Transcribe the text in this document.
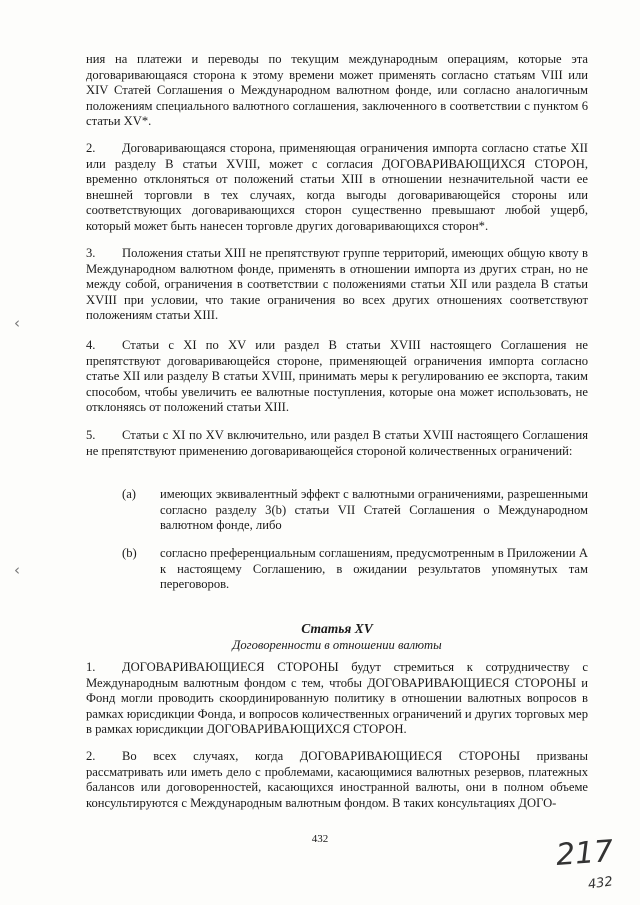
ния на платежи и переводы по текущим международным операциям, которые эта договаривающаяся сторона к этому времени может применять согласно статьям VIII или XIV Статей Соглашения о Международном валютном фонде, или согласно аналогичным положениям специального валютного соглашения, заключенного в соответствии с пунктом 6 статьи XV*.

2. Договаривающаяся сторона, применяющая ограничения импорта согласно статье XII или разделу B статьи XVIII, может с согласия ДОГОВАРИВАЮЩИХСЯ СТОРОН, временно отклоняться от положений статьи XIII в отношении незначительной части ее внешней торговли в тех случаях, когда выгоды договаривающейся стороны или соответствующих договаривающихся сторон существенно превышают любой ущерб, который может быть нанесен торговле других договаривающихся сторон*.

3. Положения статьи XIII не препятствуют группе территорий, имеющих общую квоту в Международном валютном фонде, применять в отношении импорта из других стран, но не между собой, ограничения в соответствии с положениями статьи XII или раздела B статьи XVIII при условии, что такие ограничения во всех других отношениях соответствуют положениям статьи XIII.

‹

4. Статьи с XI по XV или раздел B статьи XVIII настоящего Соглашения не препятствуют договаривающейся стороне, применяющей ограничения импорта согласно статье XII или разделу B статьи XVIII, принимать меры к регулированию ее экспорта, таким способом, чтобы увеличить ее валютные поступления, которые она может использовать, не отклоняясь от положений статьи XIII.

5. Статьи с XI по XV включительно, или раздел B статьи XVIII настоящего Соглашения не препятствуют применению договаривающейся стороной количественных ограничений:

(a) имеющих эквивалентный эффект с валютными ограничениями, разрешенными согласно разделу 3(b) статьи VII Статей Соглашения о Международном валютном фонде, либо
‹
(b) согласно преференциальным соглашениям, предусмотренным в Приложении A к настоящему Соглашению, в ожидании результатов упомянутых там переговоров.

Статья XV

Договоренности в отношении валюты

1. ДОГОВАРИВАЮЩИЕСЯ СТОРОНЫ будут стремиться к сотрудничеству с Международным валютным фондом с тем, чтобы ДОГОВАРИВАЮЩИЕСЯ СТОРОНЫ и Фонд могли проводить скоординированную политику в отношении валютных вопросов в рамках юрисдикции Фонда, и вопросов количественных ограничений и других торговых мер в рамках юрисдикции ДОГОВАРИВАЮЩИХСЯ СТОРОН.

2. Во всех случаях, когда ДОГОВАРИВАЮЩИЕСЯ СТОРОНЫ призваны рассматривать или иметь дело с проблемами, касающимися валютных резервов, платежных балансов или договоренностей, касающихся иностранной валюты, они в полном объеме консультируются с Международным валютным фондом. В таких консультациях ДОГО-

432	217
432
